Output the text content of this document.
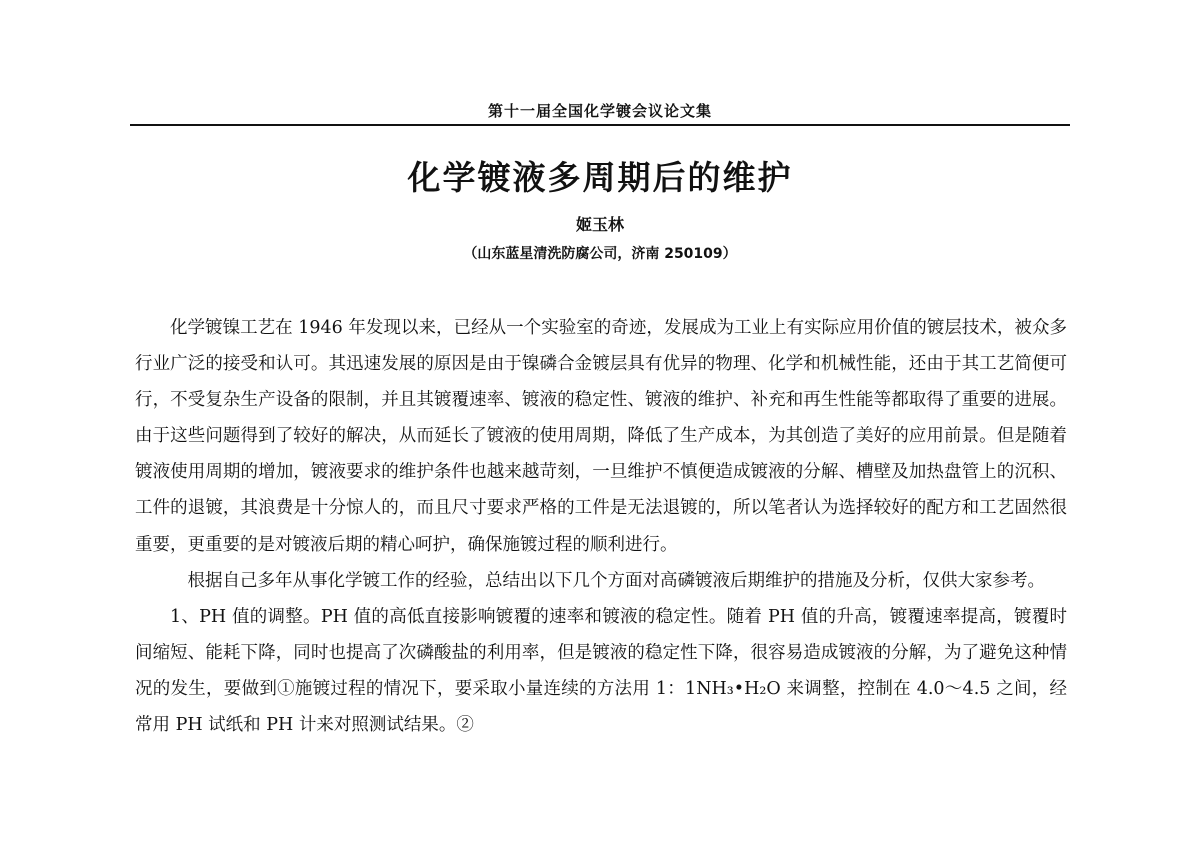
第十一届全国化学镀会议论文集
化学镀液多周期后的维护
姬玉林
（山东蓝星清洗防腐公司，济南 250109）

化学镀镍工艺在 1946 年发现以来，已经从一个实验室的奇迹，发展成为工业上有实际应用价值的镀层技术，被众多行业广泛的接受和认可。其迅速发展的原因是由于镍磷合金镀层具有优异的物理、化学和机械性能，还由于其工艺简便可行，不受复杂生产设备的限制，并且其镀覆速率、镀液的稳定性、镀液的维护、补充和再生性能等都取得了重要的进展。由于这些问题得到了较好的解决，从而延长了镀液的使用周期，降低了生产成本，为其创造了美好的应用前景。但是随着镀液使用周期的增加，镀液要求的维护条件也越来越苛刻，一旦维护不慎便造成镀液的分解、槽壁及加热盘管上的沉积、工件的退镀，其浪费是十分惊人的，而且尺寸要求严格的工件是无法退镀的，所以笔者认为选择较好的配方和工艺固然很重要，更重要的是对镀液后期的精心呵护，确保施镀过程的顺利进行。

根据自己多年从事化学镀工作的经验，总结出以下几个方面对高磷镀液后期维护的措施及分析，仅供大家参考。

1、PH 值的调整。PH 值的高低直接影响镀覆的速率和镀液的稳定性。随着 PH 值的升高，镀覆速率提高，镀覆时间缩短、能耗下降，同时也提高了次磷酸盐的利用率，但是镀液的稳定性下降，很容易造成镀液的分解，为了避免这种情况的发生，要做到①施镀过程的情况下，要采取小量连续的方法用 1：1NH₃•H₂O 来调整，控制在 4.0～4.5 之间，经常用 PH 试纸和 PH 计来对照测试结果。②
